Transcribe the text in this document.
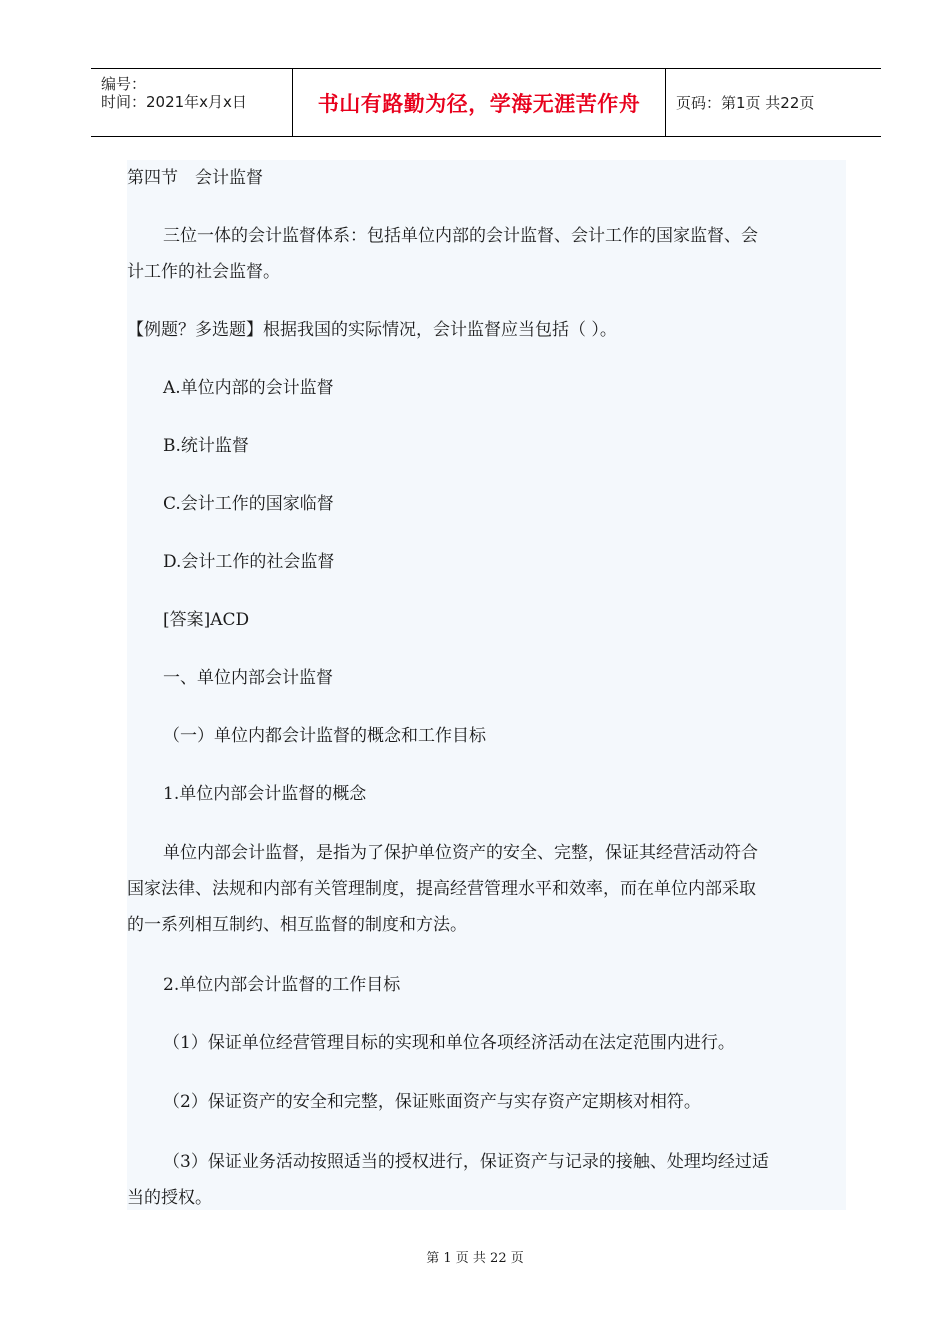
编号：
时间：2021年x月x日	书山有路勤为径，学海无涯苦作舟	页码：第1页 共22页
第四节　会计监督
三位一体的会计监督体系：包括单位内部的会计监督、会计工作的国家监督、会
计工作的社会监督。
【例题？多选题】根据我国的实际情况，会计监督应当包括（ ）。
A.单位内部的会计监督
B.统计监督
C.会计工作的国家临督
D.会计工作的社会监督
[答案]ACD
一、单位内部会计监督
（一）单位内都会计监督的概念和工作目标
1.单位内部会计监督的概念
单位内部会计监督，是指为了保护单位资产的安全、完整，保证其经营活动符合
国家法律、法规和内部有关管理制度，提高经营管理水平和效率，而在单位内部采取
的一系列相互制约、相互监督的制度和方法。
2.单位内部会计监督的工作目标
（1）保证单位经营管理目标的实现和单位各项经济活动在法定范围内进行。
（2）保证资产的安全和完整，保证账面资产与实存资产定期核对相符。
（3）保证业务活动按照适当的授权进行，保证资产与记录的接触、处理均经过适
当的授权。
第 1 页 共 22 页
